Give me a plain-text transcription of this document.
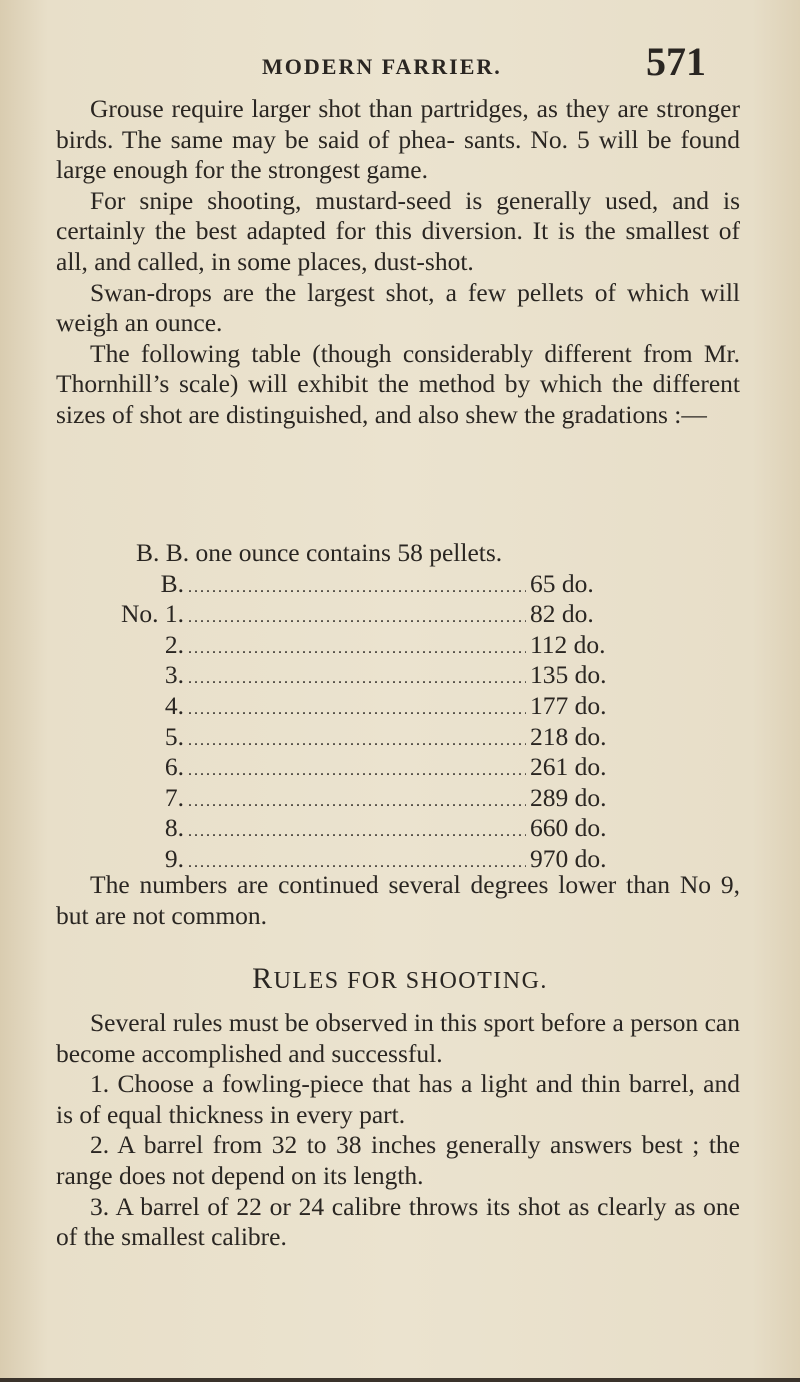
MODERN FARRIER.	571

Grouse require larger shot than partridges, as they are stronger birds. The same may be said of phea- sants. No. 5 will be found large enough for the strongest game.

For snipe shooting, mustard-seed is generally used, and is certainly the best adapted for this diversion. It is the smallest of all, and called, in some places, dust-shot.

Swan-drops are the largest shot, a few pellets of which will weigh an ounce.

The following table (though considerably different from Mr. Thornhill’s scale) will exhibit the method by which the different sizes of shot are distinguished, and also shew the gradations :—

B. B. one ounce contains 58 pellets.

B. .....	65 do.
No. 1. .....	82 do.
2. .....	112 do.
3. .....	135 do.
4. .....	177 do.
5. .....	218 do.
6. .....	261 do.
7. .....	289 do.
8. .....	660 do.
9. .....	970 do.

The numbers are continued several degrees lower than No 9, but are not common.

RULES FOR SHOOTING.

Several rules must be observed in this sport before a person can become accomplished and successful.

1. Choose a fowling-piece that has a light and thin barrel, and is of equal thickness in every part.

2. A barrel from 32 to 38 inches generally answers best ; the range does not depend on its length.

3. A barrel of 22 or 24 calibre throws its shot as clearly as one of the smallest calibre.
